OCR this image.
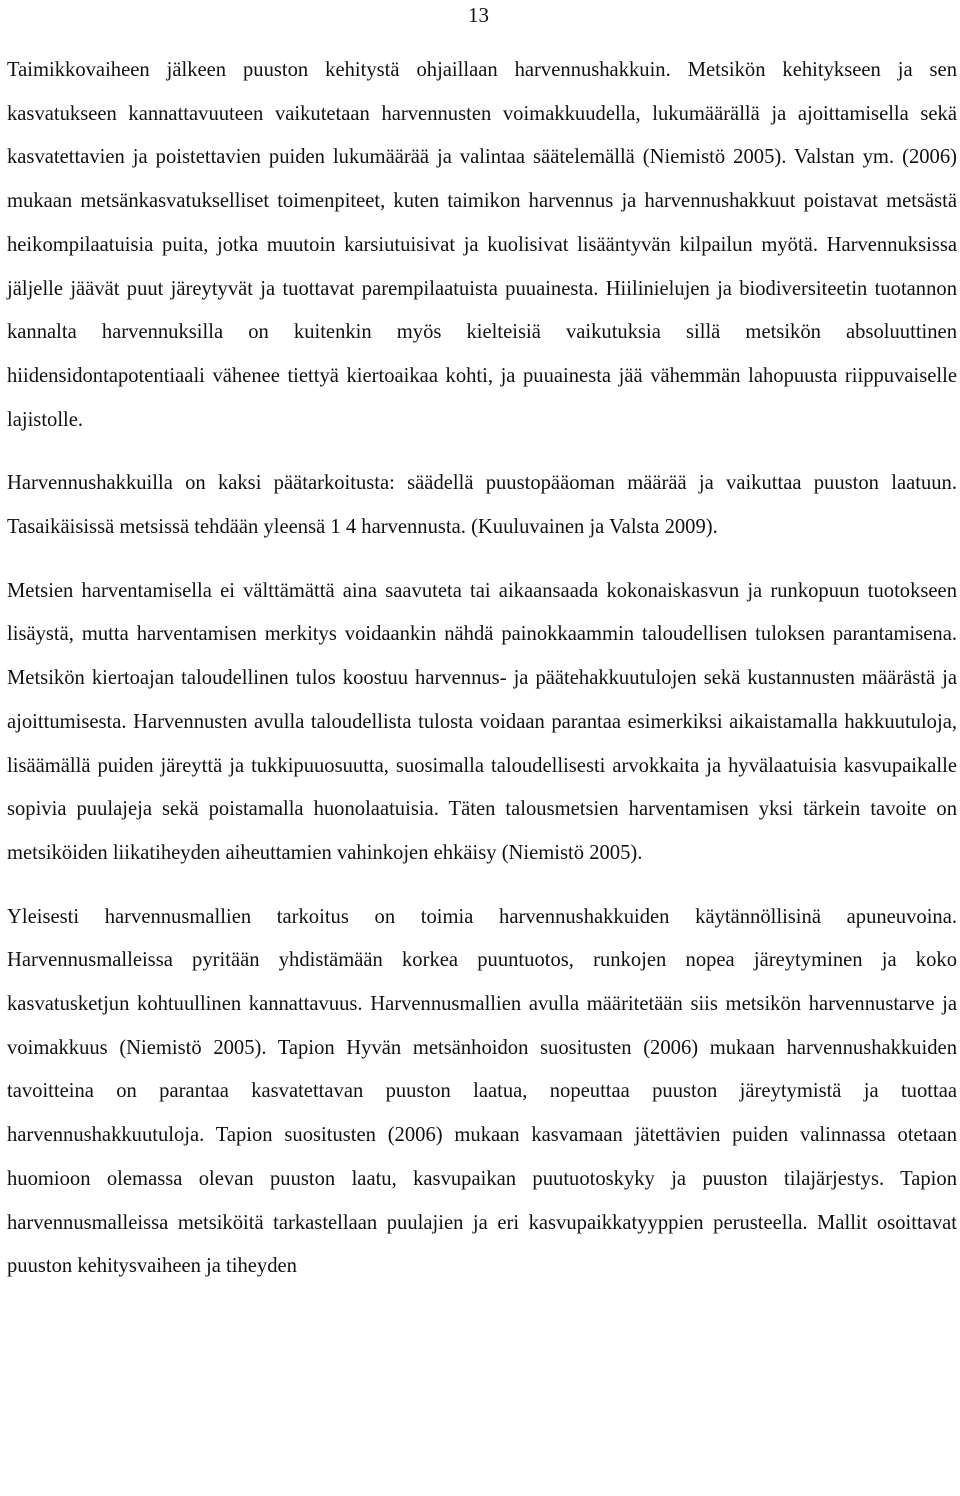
13

Taimikkovaiheen jälkeen puuston kehitystä ohjaillaan harvennushakkuin. Metsikön kehitykseen ja sen kasvatukseen kannattavuuteen vaikutetaan harvennusten voimakkuudella, lukumäärällä ja ajoittamisella sekä kasvatettavien ja poistettavien puiden lukumäärää ja valintaa säätelemällä (Niemistö 2005). Valstan ym. (2006) mukaan metsänkasvatukselliset toimenpiteet, kuten taimikon harvennus ja harvennushakkuut poistavat metsästä heikompilaatuisia puita, jotka muutoin karsiutuisivat ja kuolisivat lisääntyvän kilpailun myötä. Harvennuksissa jäljelle jäävät puut järeytyvät ja tuottavat parempilaatuista puuainesta. Hiilinielujen ja biodiversiteetin tuotannon kannalta harvennuksilla on kuitenkin myös kielteisiä vaikutuksia sillä metsikön absoluuttinen hiidensidontapotentiaali vähenee tiettyä kiertoaikaa kohti, ja puuainesta jää vähemmän lahopuusta riippuvaiselle lajistolle.

Harvennushakkuilla on kaksi päätarkoitusta: säädellä puustopääoman määrää ja vaikuttaa puuston laatuun. Tasaikäisissä metsissä tehdään yleensä 1 4 harvennusta. (Kuuluvainen ja Valsta 2009).

Metsien harventamisella ei välttämättä aina saavuteta tai aikaansaada kokonaiskasvun ja runkopuun tuotokseen lisäystä, mutta harventamisen merkitys voidaankin nähdä painokkaammin taloudellisen tuloksen parantamisena. Metsikön kiertoajan taloudellinen tulos koostuu harvennus- ja päätehakkuutulojen sekä kustannusten määrästä ja ajoittumisesta. Harvennusten avulla taloudellista tulosta voidaan parantaa esimerkiksi aikaistamalla hakkuutuloja, lisäämällä puiden järeyttä ja tukkipuuosuutta, suosimalla taloudellisesti arvokkaita ja hyvälaatuisia kasvupaikalle sopivia puulajeja sekä poistamalla huonolaatuisia. Täten talousmetsien harventamisen yksi tärkein tavoite on metsiköiden liikatiheyden aiheuttamien vahinkojen ehkäisy (Niemistö 2005).

Yleisesti harvennusmallien tarkoitus on toimia harvennushakkuiden käytännöllisinä apuneuvoina. Harvennusmalleissa pyritään yhdistämään korkea puuntuotos, runkojen nopea järeytyminen ja koko kasvatusketjun kohtuullinen kannattavuus. Harvennusmallien avulla määritetään siis metsikön harvennustarve ja voimakkuus (Niemistö 2005). Tapion Hyvän metsänhoidon suositusten (2006) mukaan harvennushakkuiden tavoitteina on parantaa kasvatettavan puuston laatua, nopeuttaa puuston järeytymistä ja tuottaa harvennushakkuutuloja. Tapion suositusten (2006) mukaan kasvamaan jätettävien puiden valinnassa otetaan huomioon olemassa olevan puuston laatu, kasvupaikan puutuotoskyky ja puuston tilajärjestys. Tapion harvennusmalleissa metsiköitä tarkastellaan puulajien ja eri kasvupaikkatyyppien perusteella. Mallit osoittavat puuston kehitysvaiheen ja tiheyden
